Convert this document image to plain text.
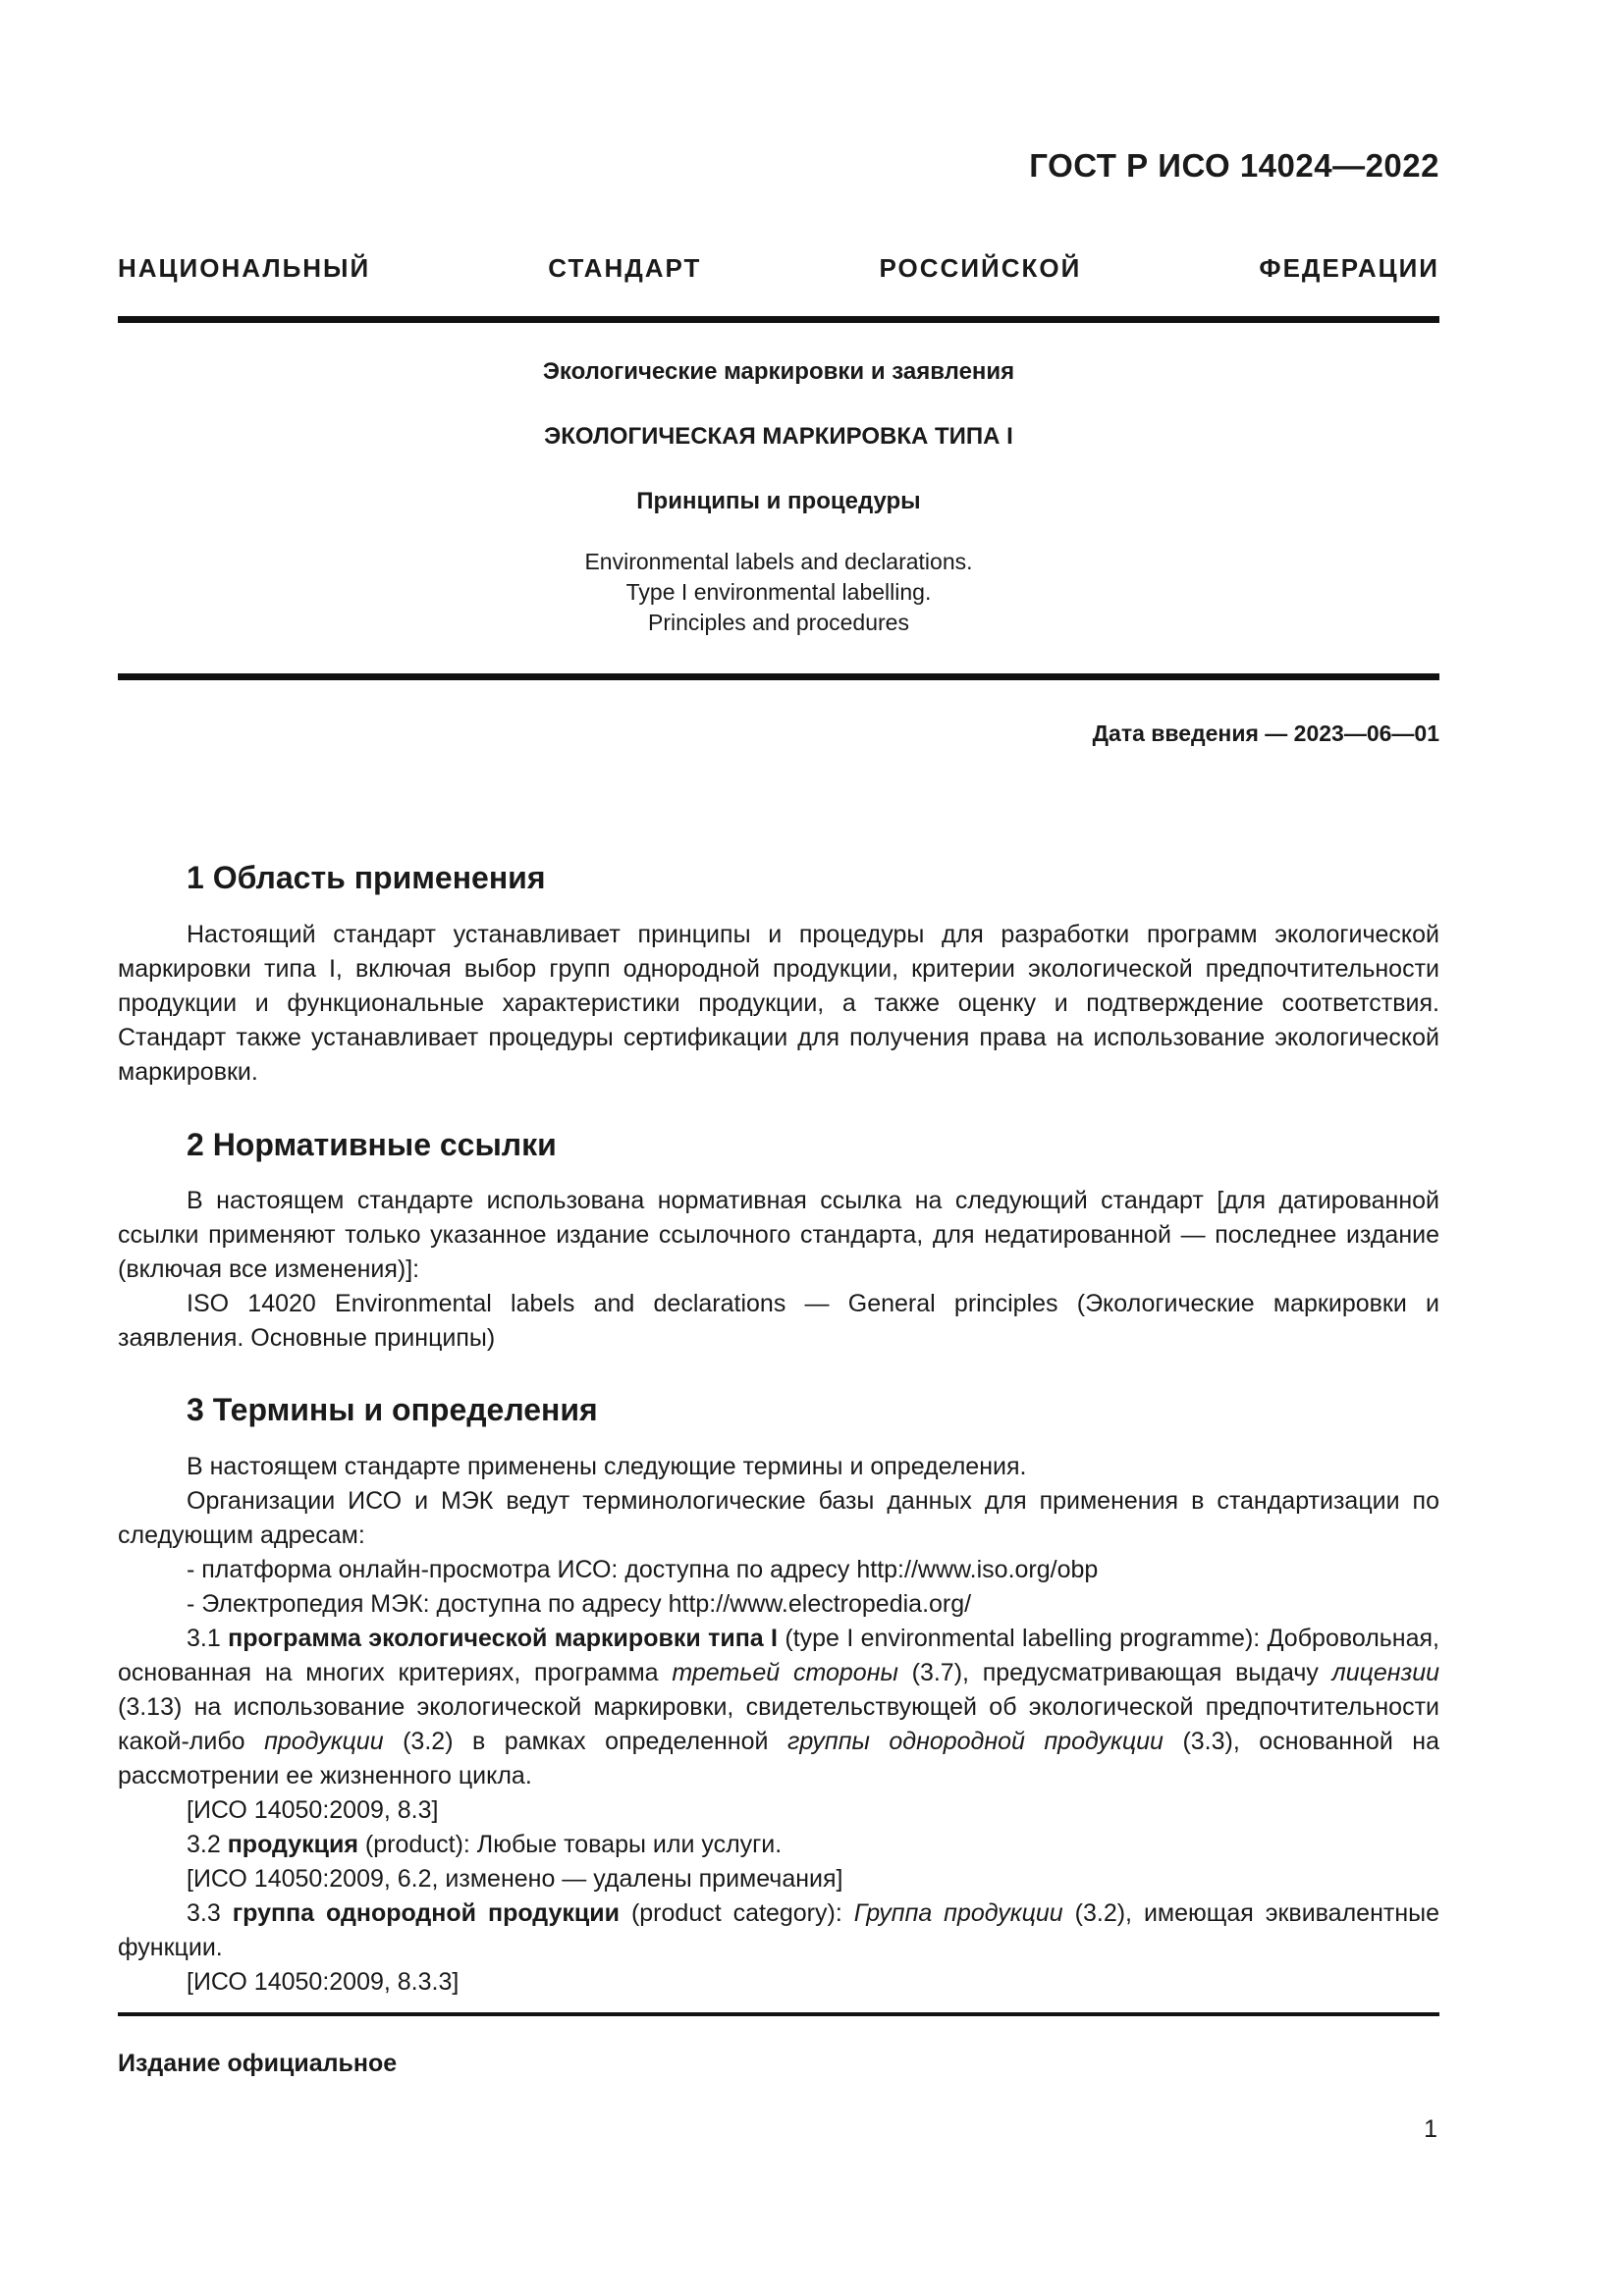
ГОСТ Р ИСО 14024—2022
НАЦИОНАЛЬНЫЙ СТАНДАРТ РОССИЙСКОЙ ФЕДЕРАЦИИ
Экологические маркировки и заявления
ЭКОЛОГИЧЕСКАЯ МАРКИРОВКА ТИПА I
Принципы и процедуры
Environmental labels and declarations.
Type I environmental labelling.
Principles and procedures
Дата введения — 2023—06—01
1 Область применения

Настоящий стандарт устанавливает принципы и процедуры для разработки программ экологической маркировки типа I, включая выбор групп однородной продукции, критерии экологической предпочтительности продукции и функциональные характеристики продукции, а также оценку и подтверждение соответствия. Стандарт также устанавливает процедуры сертификации для получения права на использование экологической маркировки.

2 Нормативные ссылки

В настоящем стандарте использована нормативная ссылка на следующий стандарт [для датированной ссылки применяют только указанное издание ссылочного стандарта, для недатированной — последнее издание (включая все изменения)]:

ISO 14020 Environmental labels and declarations — General principles (Экологические маркировки и заявления. Основные принципы)

3 Термины и определения

В настоящем стандарте применены следующие термины и определения.

Организации ИСО и МЭК ведут терминологические базы данных для применения в стандартизации по следующим адресам:

- платформа онлайн-просмотра ИСО: доступна по адресу http://www.iso.org/obp

- Электропедия МЭК: доступна по адресу http://www.electropedia.org/

3.1 программа экологической маркировки типа I (type I environmental labelling programme): Добровольная, основанная на многих критериях, программа третьей стороны (3.7), предусматривающая выдачу лицензии (3.13) на использование экологической маркировки, свидетельствующей об экологической предпочтительности какой-либо продукции (3.2) в рамках определенной группы однородной продукции (3.3), основанной на рассмотрении ее жизненного цикла.

[ИСО 14050:2009, 8.3]

3.2 продукция (product): Любые товары или услуги.

[ИСО 14050:2009, 6.2, изменено — удалены примечания]

3.3 группа однородной продукции (product category): Группа продукции (3.2), имеющая эквивалентные функции.

[ИСО 14050:2009, 8.3.3]

Издание официальное
1
